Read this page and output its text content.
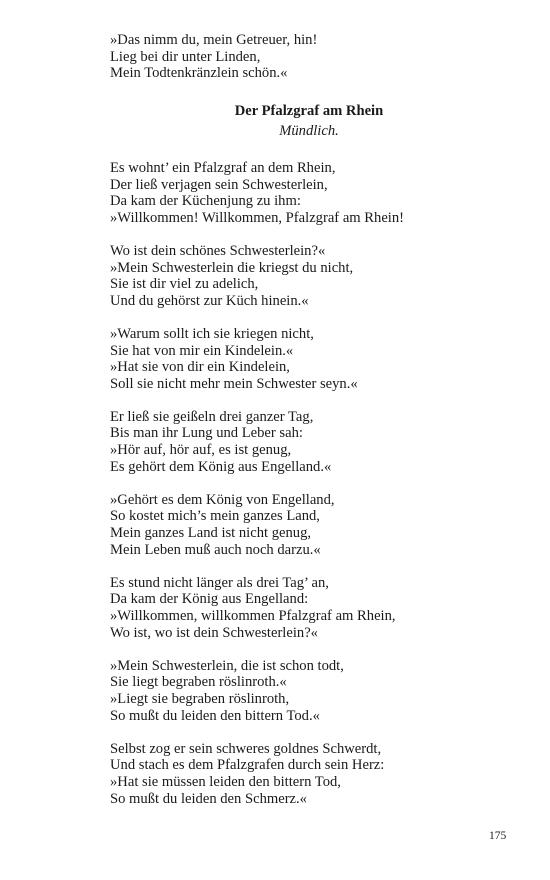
»Das nimm du, mein Getreuer, hin!
Lieg bei dir unter Linden,
Mein Todtenkränzlein schön.«
Der Pfalzgraf am Rhein
Mündlich.
Es wohnt’ ein Pfalzgraf an dem Rhein,
Der ließ verjagen sein Schwesterlein,
Da kam der Küchenjung zu ihm:
»Willkommen! Willkommen, Pfalzgraf am Rhein!
Wo ist dein schönes Schwesterlein?«
»Mein Schwesterlein die kriegst du nicht,
Sie ist dir viel zu adelich,
Und du gehörst zur Küch hinein.«
»Warum sollt ich sie kriegen nicht,
Sie hat von mir ein Kindelein.«
»Hat sie von dir ein Kindelein,
Soll sie nicht mehr mein Schwester seyn.«
Er ließ sie geißeln drei ganzer Tag,
Bis man ihr Lung und Leber sah:
»Hör auf, hör auf, es ist genug,
Es gehört dem König aus Engelland.«
»Gehört es dem König von Engelland,
So kostet mich’s mein ganzes Land,
Mein ganzes Land ist nicht genug,
Mein Leben muß auch noch darzu.«
Es stund nicht länger als drei Tag’ an,
Da kam der König aus Engelland:
»Willkommen, willkommen Pfalzgraf am Rhein,
Wo ist, wo ist dein Schwesterlein?«
»Mein Schwesterlein, die ist schon todt,
Sie liegt begraben röslinroth.«
»Liegt sie begraben röslinroth,
So mußt du leiden den bittern Tod.«
Selbst zog er sein schweres goldnes Schwerdt,
Und stach es dem Pfalzgrafen durch sein Herz:
»Hat sie müssen leiden den bittern Tod,
So mußt du leiden den Schmerz.«
175
